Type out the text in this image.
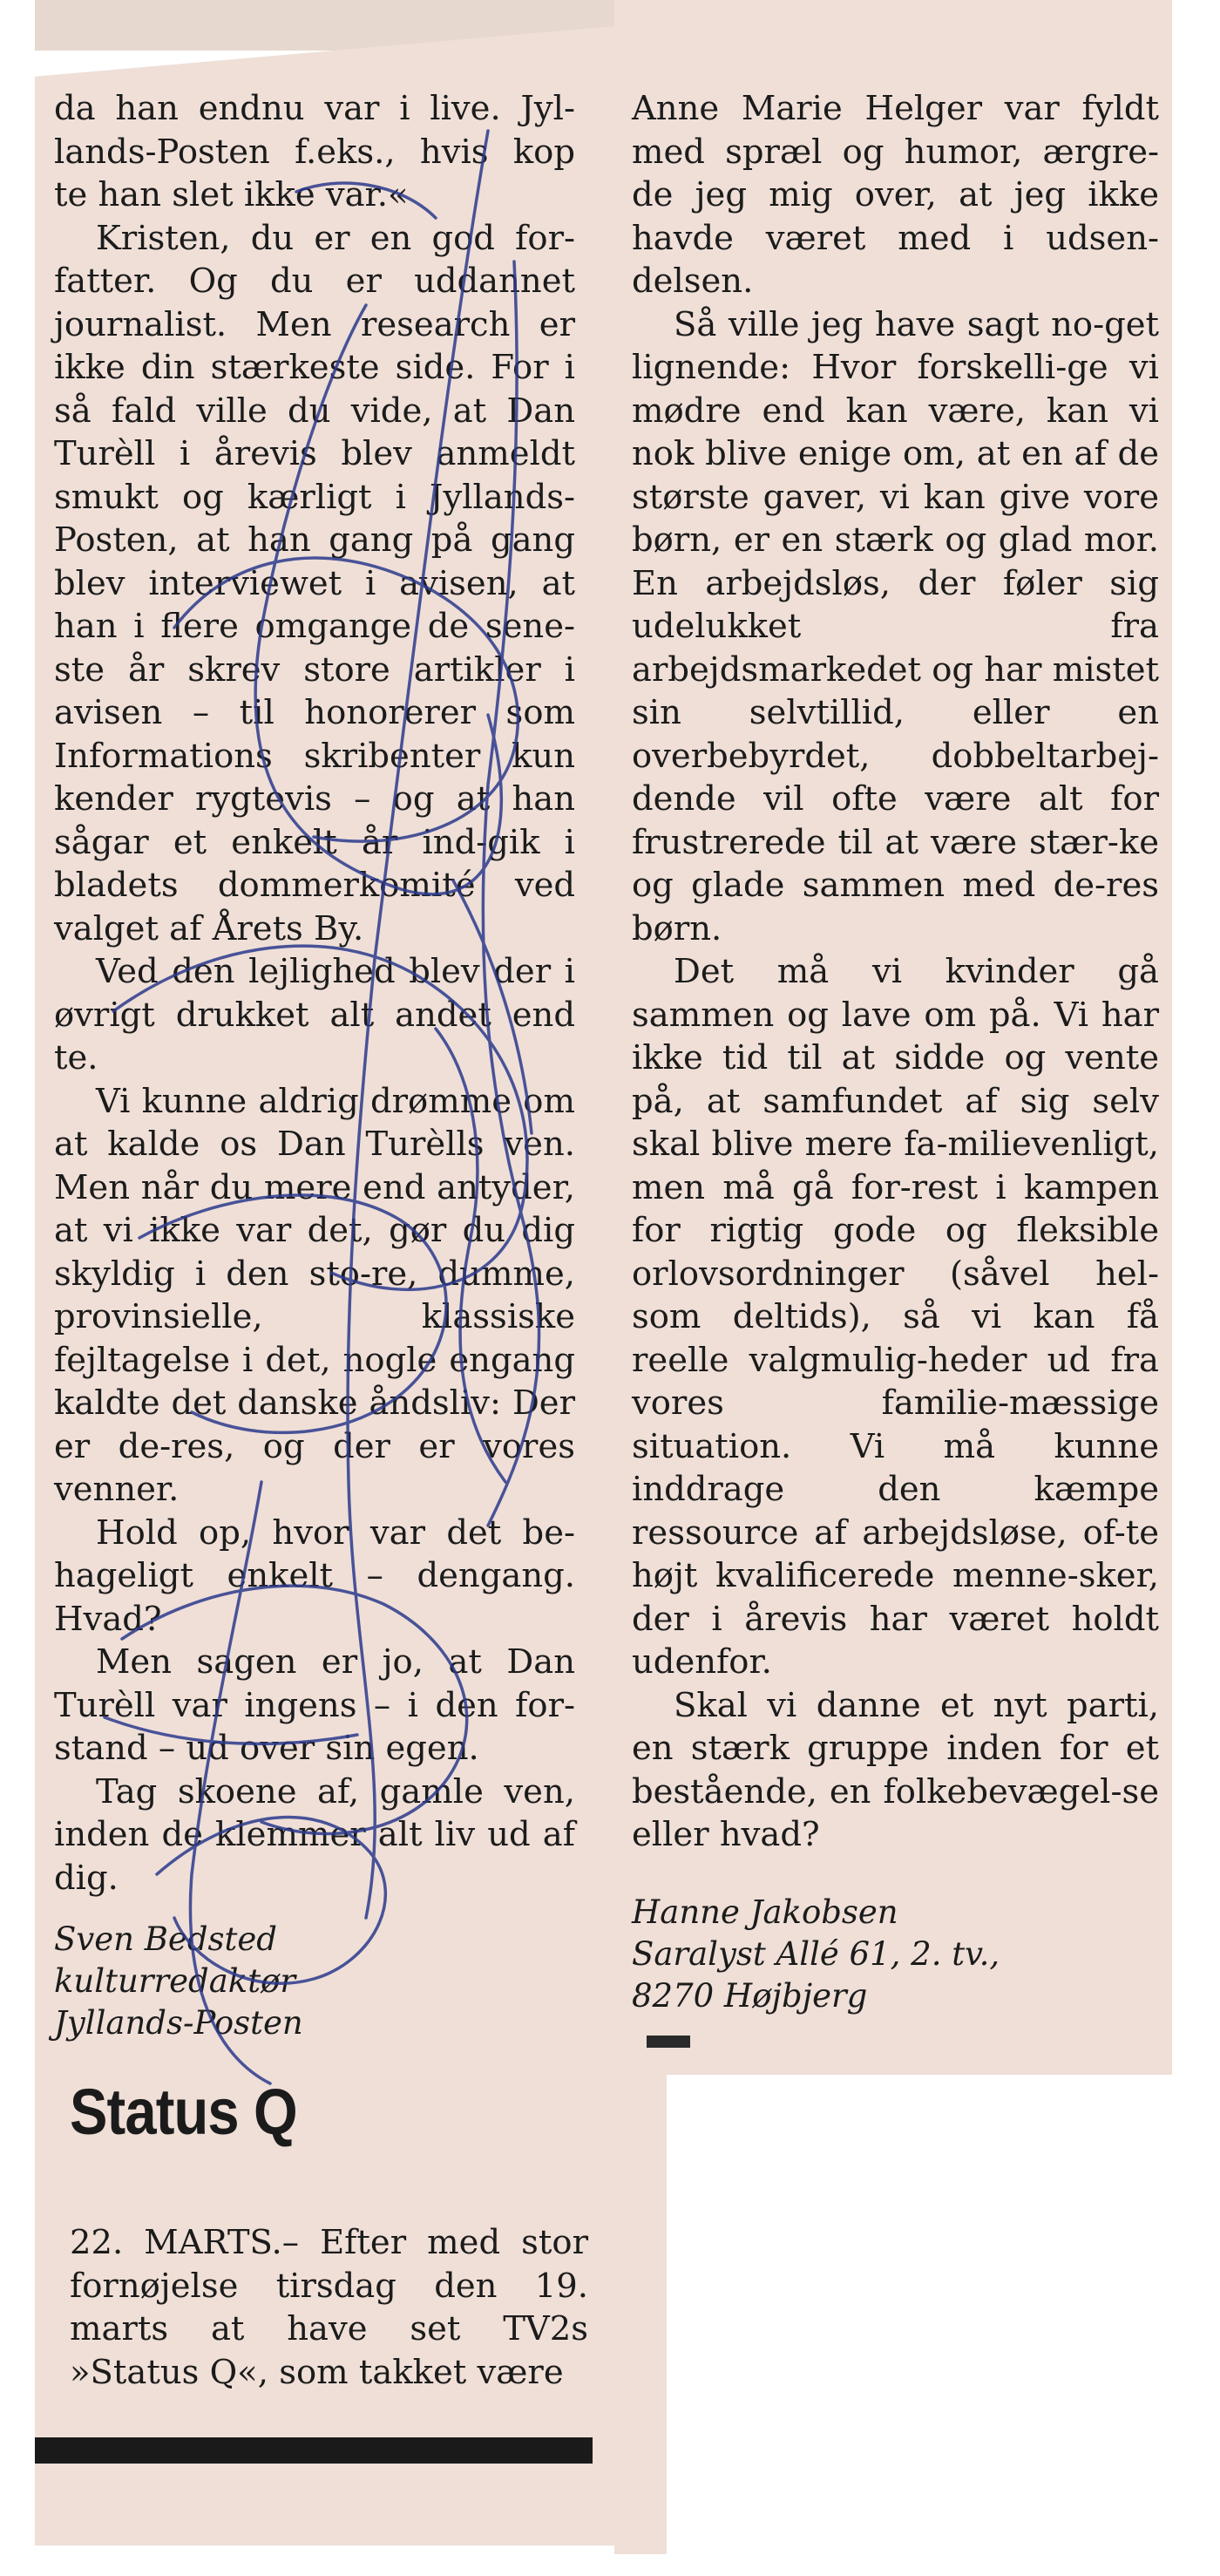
da han endnu var i live. Jyl-lands-Posten f.eks., hvis kop te han slet ikke var.«

Kristen, du er en god for-fatter. Og du er uddannet journalist. Men research er ikke din stærkeste side. For i så fald ville du vide, at Dan Turèll i årevis blev anmeldt smukt og kærligt i Jyllands-Posten, at han gang på gang blev interviewet i avisen, at han i flere omgange de sene-ste år skrev store artikler i avisen – til honorerer som Informations skribenter kun kender rygtevis – og at han sågar et enkelt år ind-gik i bladets dommerkomité ved valget af Årets By.

Ved den lejlighed blev der i øvrigt drukket alt andet end te.

Vi kunne aldrig drømme om at kalde os Dan Turèlls ven. Men når du mere end antyder, at vi ikke var det, gør du dig skyldig i den sto-re, dumme, provinsielle, klassiske fejltagelse i det, nogle engang kaldte det danske åndsliv: Der er de-res, og der er vores venner.

Hold op, hvor var det be-hageligt enkelt – dengang. Hvad?

Men sagen er jo, at Dan Turèll var ingens – i den for-stand – ud over sin egen.

Tag skoene af, gamle ven, inden de klemmer alt liv ud af dig.

Sven Bedsted
kulturredaktør
Jyllands-Posten

Anne Marie Helger var fyldt med spræl og humor, ærgre-de jeg mig over, at jeg ikke havde været med i udsen-delsen.

Så ville jeg have sagt no-get lignende: Hvor forskelli-ge vi mødre end kan være, kan vi nok blive enige om, at en af de største gaver, vi kan give vore børn, er en stærk og glad mor. En arbejdsløs, der føler sig udelukket fra arbejdsmarkedet og har mistet sin selvtillid, eller en overbebyrdet, dobbeltarbej-dende vil ofte være alt for frustrerede til at være stær-ke og glade sammen med de-res børn.

Det må vi kvinder gå sammen og lave om på. Vi har ikke tid til at sidde og vente på, at samfundet af sig selv skal blive mere fa-milievenligt, men må gå for-rest i kampen for rigtig gode og fleksible orlovsordninger (såvel hel- som deltids), så vi kan få reelle valgmulig-heder ud fra vores familie-mæssige situation. Vi må kunne inddrage den kæmpe ressource af arbejdsløse, of-te højt kvalificerede menne-sker, der i årevis har været holdt udenfor.

Skal vi danne et nyt parti, en stærk gruppe inden for et bestående, en folkebevægel-se eller hvad?

Hanne Jakobsen
Saralyst Allé 61, 2. tv.,
8270 Højbjerg
Status Q

22. MARTS.– Efter med stor fornøjelse tirsdag den 19. marts at have set TV2s »Status Q«, som takket være
